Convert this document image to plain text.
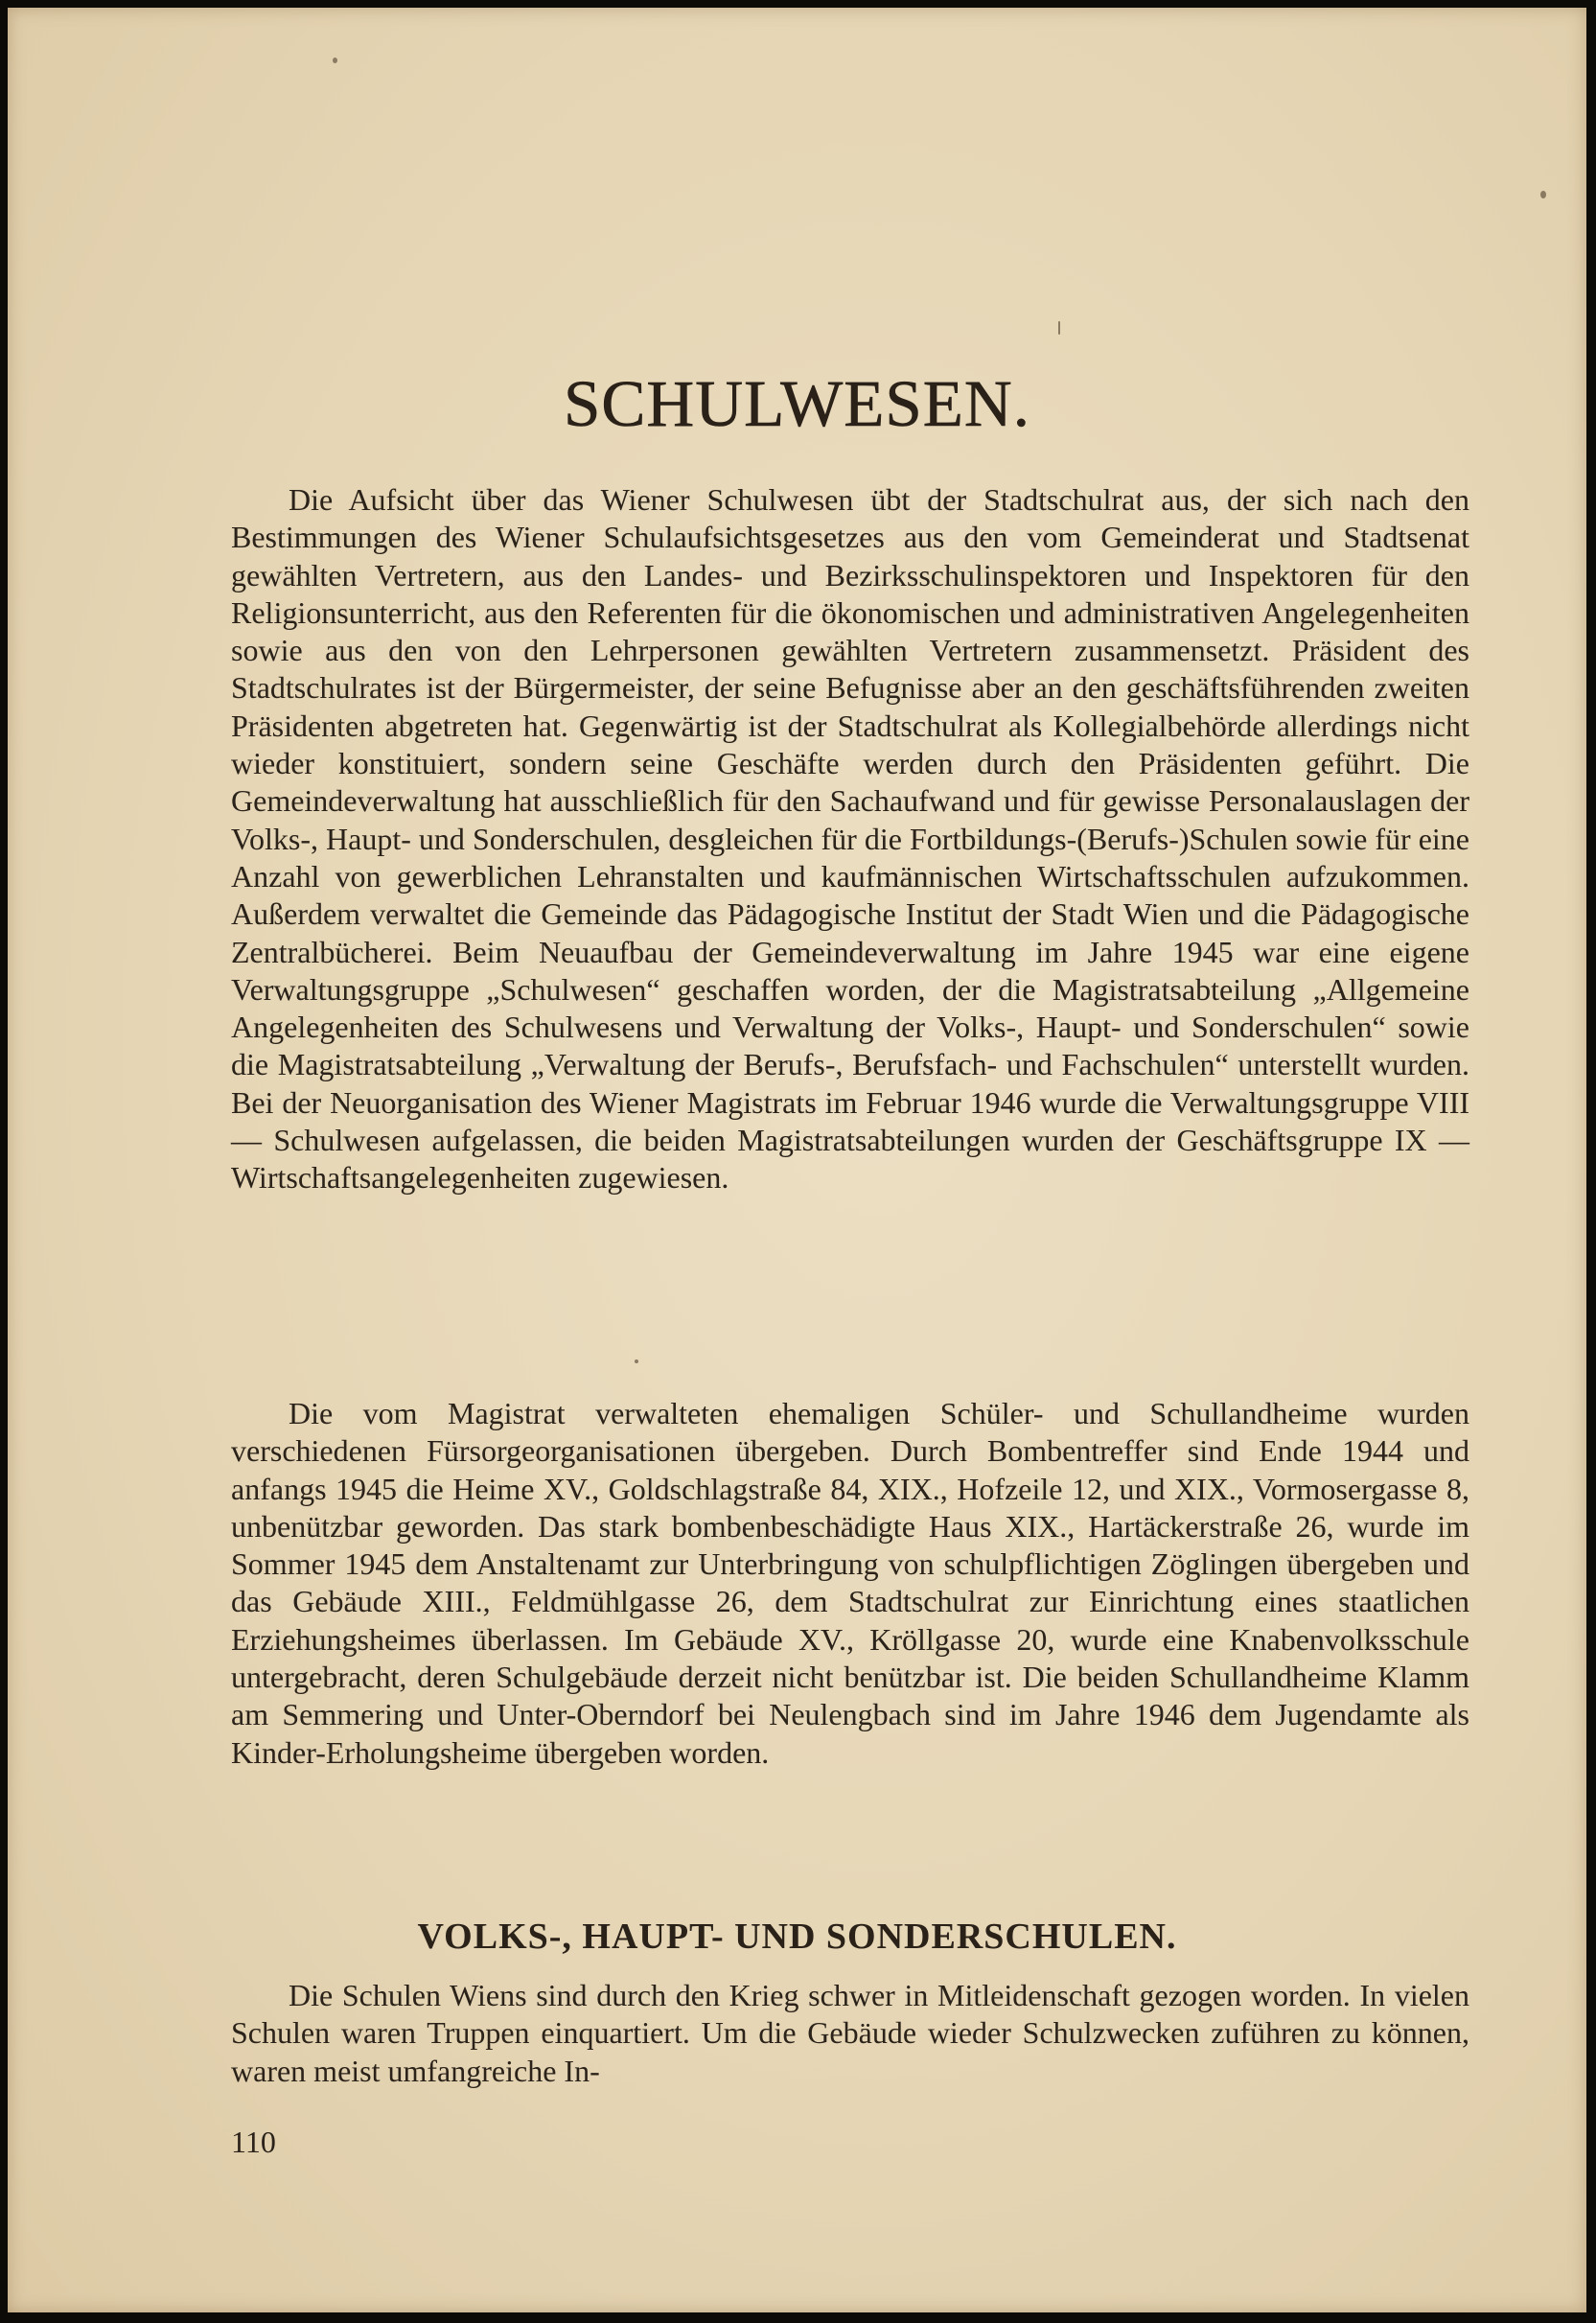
SCHULWESEN.

Die Aufsicht über das Wiener Schulwesen übt der Stadtschulrat aus, der sich nach den Bestimmungen des Wiener Schulaufsichtsgesetzes aus den vom Gemeinderat und Stadtsenat gewählten Vertretern, aus den Landes- und Bezirksschulinspektoren und Inspektoren für den Religionsunterricht, aus den Referenten für die ökonomischen und administrativen Angelegenheiten sowie aus den von den Lehrpersonen gewählten Vertretern zusammensetzt. Präsident des Stadtschulrates ist der Bürgermeister, der seine Befugnisse aber an den geschäftsführenden zweiten Präsidenten abgetreten hat. Gegenwärtig ist der Stadtschulrat als Kollegialbehörde allerdings nicht wieder konstituiert, sondern seine Geschäfte werden durch den Präsidenten geführt. Die Gemeindeverwaltung hat ausschließlich für den Sachaufwand und für gewisse Personalauslagen der Volks-, Haupt- und Sonderschulen, desgleichen für die Fortbildungs-(Berufs-)Schulen sowie für eine Anzahl von gewerblichen Lehranstalten und kaufmännischen Wirtschaftsschulen aufzukommen. Außerdem verwaltet die Gemeinde das Pädagogische Institut der Stadt Wien und die Pädagogische Zentralbücherei. Beim Neuaufbau der Gemeindeverwaltung im Jahre 1945 war eine eigene Verwaltungsgruppe „Schulwesen“ geschaffen worden, der die Magistratsabteilung „Allgemeine Angelegenheiten des Schulwesens und Verwaltung der Volks-, Haupt- und Sonderschulen“ sowie die Magistratsabteilung „Verwaltung der Berufs-, Berufsfach- und Fachschulen“ unterstellt wurden. Bei der Neuorganisation des Wiener Magistrats im Februar 1946 wurde die Verwaltungsgruppe VIII — Schulwesen aufgelassen, die beiden Magistratsabteilungen wurden der Geschäftsgruppe IX — Wirtschaftsangelegenheiten zugewiesen.

Die vom Magistrat verwalteten ehemaligen Schüler- und Schullandheime wurden verschiedenen Fürsorgeorganisationen übergeben. Durch Bombentreffer sind Ende 1944 und anfangs 1945 die Heime XV., Goldschlagstraße 84, XIX., Hofzeile 12, und XIX., Vormosergasse 8, unbenützbar geworden. Das stark bombenbeschädigte Haus XIX., Hartäckerstraße 26, wurde im Sommer 1945 dem Anstaltenamt zur Unterbringung von schulpflichtigen Zöglingen übergeben und das Gebäude XIII., Feldmühlgasse 26, dem Stadtschulrat zur Einrichtung eines staatlichen Erziehungsheimes überlassen. Im Gebäude XV., Kröllgasse 20, wurde eine Knabenvolksschule untergebracht, deren Schulgebäude derzeit nicht benützbar ist. Die beiden Schullandheime Klamm am Semmering und Unter-Oberndorf bei Neulengbach sind im Jahre 1946 dem Jugendamte als Kinder-Erholungsheime übergeben worden.

VOLKS-, HAUPT- UND SONDERSCHULEN.

Die Schulen Wiens sind durch den Krieg schwer in Mitleidenschaft gezogen worden. In vielen Schulen waren Truppen einquartiert. Um die Gebäude wieder Schulzwecken zuführen zu können, waren meist umfangreiche In-

110
